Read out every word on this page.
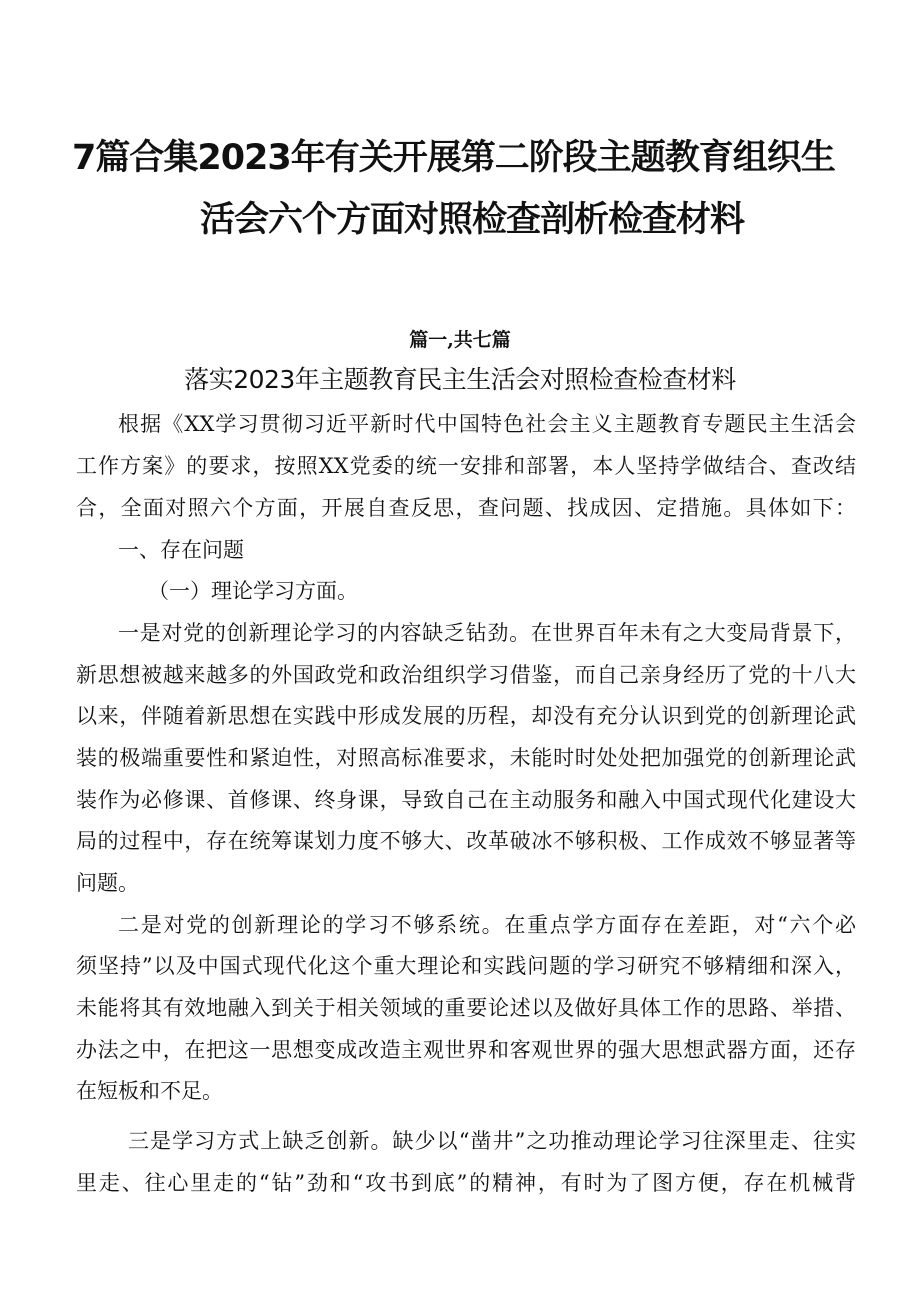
7篇合集2023年有关开展第二阶段主题教育组织生
活会六个方面对照检查剖析检查材料
篇一,共七篇
落实2023年主题教育民主生活会对照检查检查材料
根据《XX学习贯彻习近平新时代中国特色社会主义主题教育专题民主生活会
工作方案》的要求，按照XX党委的统一安排和部署，本人坚持学做结合、查改结
合，全面对照六个方面，开展自查反思，查问题、找成因、定措施。具体如下：
一、存在问题
（一）理论学习方面。
一是对党的创新理论学习的内容缺乏钻劲。在世界百年未有之大变局背景下，
新思想被越来越多的外国政党和政治组织学习借鉴，而自己亲身经历了党的十八大
以来，伴随着新思想在实践中形成发展的历程，却没有充分认识到党的创新理论武
装的极端重要性和紧迫性，对照高标准要求，未能时时处处把加强党的创新理论武
装作为必修课、首修课、终身课，导致自己在主动服务和融入中国式现代化建设大
局的过程中，存在统筹谋划力度不够大、改革破冰不够积极、工作成效不够显著等
问题。
二是对党的创新理论的学习不够系统。在重点学方面存在差距，对“六个必
须坚持”以及中国式现代化这个重大理论和实践问题的学习研究不够精细和深入，
未能将其有效地融入到关于相关领域的重要论述以及做好具体工作的思路、举措、
办法之中，在把这一思想变成改造主观世界和客观世界的强大思想武器方面，还存
在短板和不足。
三是学习方式上缺乏创新。缺少以“凿井”之功推动理论学习往深里走、往实
里走、往心里走的“钻”劲和“攻书到底”的精神，有时为了图方便，存在机械背
